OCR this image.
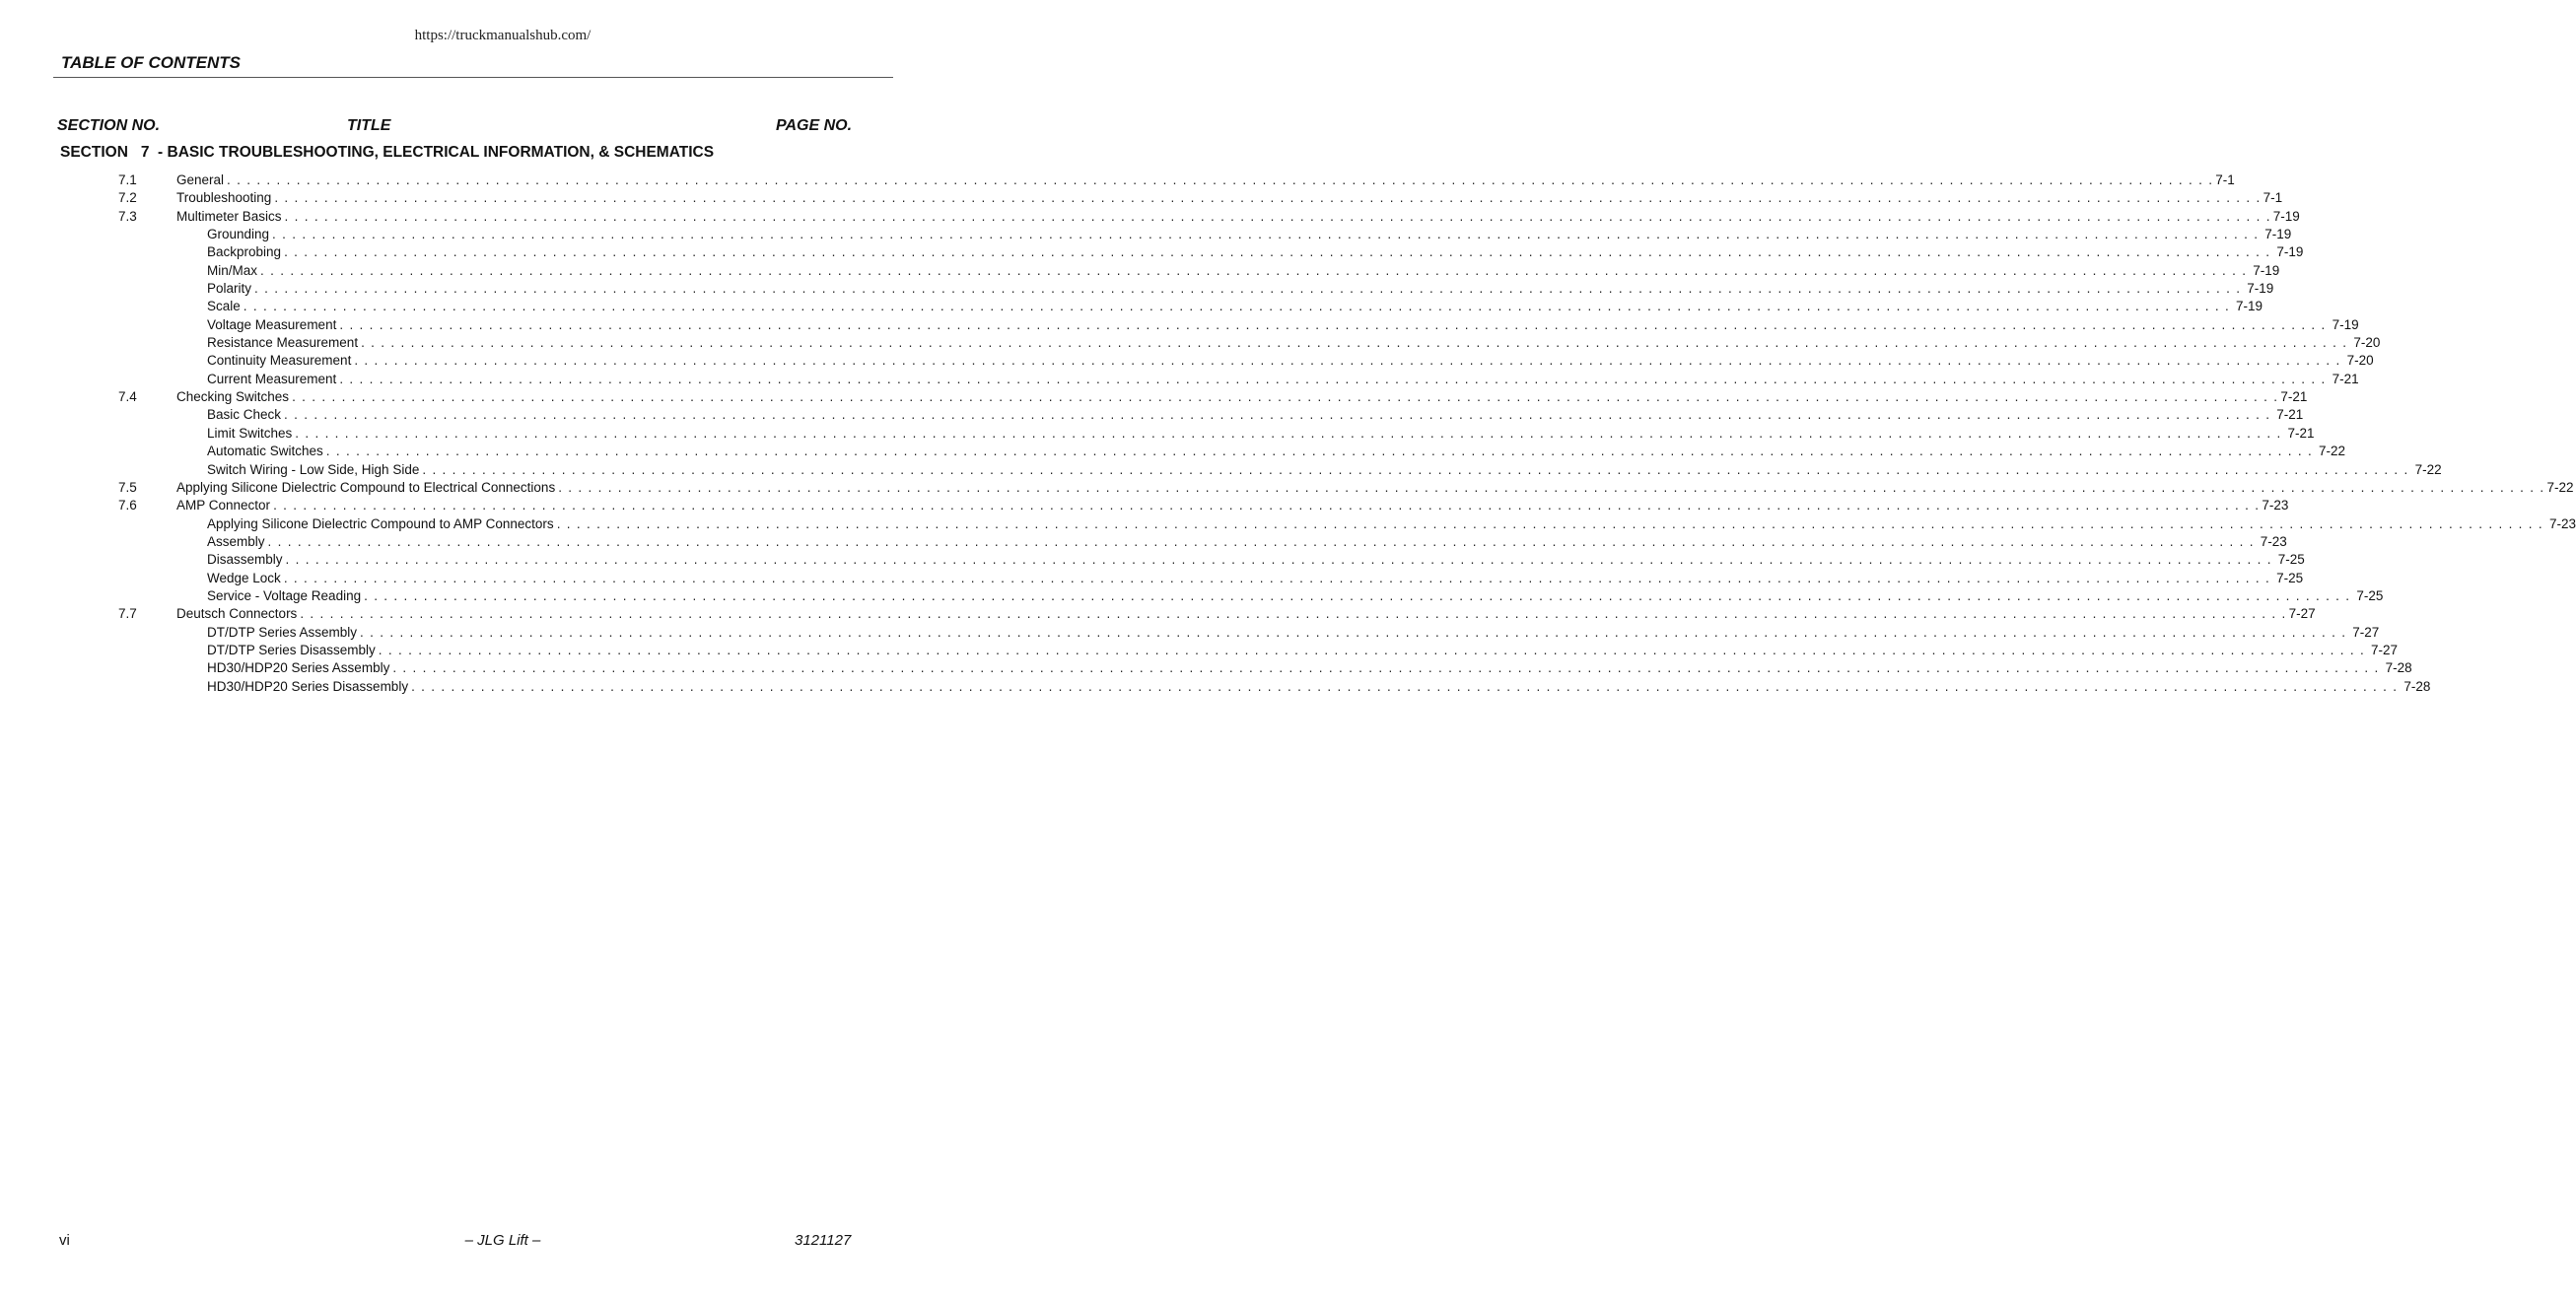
https://truckmanualshub.com/
TABLE OF CONTENTS
SECTION NO.	TITLE	PAGE NO.
SECTION   7  - BASIC TROUBLESHOOTING, ELECTRICAL INFORMATION, & SCHEMATICS
7.1	General . . . . . . . . . . . . . . . . . . . . . . . . . . . . . . . . . . . . . . . . . . . . . . . . . . . . . . . . . . . . . . . . . . . . . . . . . . . . . . . . . . . . . . . . . . . . . . . . . . . . . . . . . . . . . . . . . . . . . . . . . . . . . . . . . . . . . . . . . . . . . . . . . . . . . . . . . . . . . . . . . . . . . . . . . . . . . . . . . . . . . . . . . . . . . . . . . . . . . . . . 7-1
7.2	Troubleshooting . . . . . . . . . . . . . . . . . . . . . . . . . . . . . . . . . . . . . . . . . . . . . . . . . . . . . . . . . . . . . . . . . . . . . . . . . . . . . . . . . . . . . . . . . . . . . . . . . . . . . . . . . . . . . . . . . . . . . . . . . . . . . . . . . . . . . . . . . . . . . . . . . . . . . . . . . . . . . . . . . . . . . . . . . . . . . . . . . . . . . . . . . . . . . . . . . . . . . . . . 7-1
7.3	Multimeter Basics . . . . . . . . . . . . . . . . . . . . . . . . . . . . . . . . . . . . . . . . . . . . . . . . . . . . . . . . . . . . . . . . . . . . . . . . . . . . . . . . . . . . . . . . . . . . . . . . . . . . . . . . . . . . . . . . . . . . . . . . . . . . . . . . . . . . . . . . . . . . . . . . . . . . . . . . . . . . . . . . . . . . . . . . . . . . . . . . . . . . . . . . . . . . . . . . . . . . . . . . 7-19
Grounding . . . . . . . . . . . . . . . . . . . . . . . . . . . . . . . . . . . . . . . . . . . . . . . . . . . . . . . . . . . . . . . . . . . . . . . . . . . . . . . . . . . . . . . . . . . . . . . . . . . . . . . . . . . . . . . . . . . . . . . . . . . . . . . . . . . . . . . . . . . . . . . . . . . . . . . . . . . . . . . . . . . . . . . . . . . . . . . . . . . . . . . . . . . . . . . . . . . . . . . . 7-19
Backprobing . . . . . . . . . . . . . . . . . . . . . . . . . . . . . . . . . . . . . . . . . . . . . . . . . . . . . . . . . . . . . . . . . . . . . . . . . . . . . . . . . . . . . . . . . . . . . . . . . . . . . . . . . . . . . . . . . . . . . . . . . . . . . . . . . . . . . . . . . . . . . . . . . . . . . . . . . . . . . . . . . . . . . . . . . . . . . . . . . . . . . . . . . . . . . . . . . . . . . . . . 7-19
Min/Max . . . . . . . . . . . . . . . . . . . . . . . . . . . . . . . . . . . . . . . . . . . . . . . . . . . . . . . . . . . . . . . . . . . . . . . . . . . . . . . . . . . . . . . . . . . . . . . . . . . . . . . . . . . . . . . . . . . . . . . . . . . . . . . . . . . . . . . . . . . . . . . . . . . . . . . . . . . . . . . . . . . . . . . . . . . . . . . . . . . . . . . . . . . . . . . . . . . . . . . . 7-19
Polarity . . . . . . . . . . . . . . . . . . . . . . . . . . . . . . . . . . . . . . . . . . . . . . . . . . . . . . . . . . . . . . . . . . . . . . . . . . . . . . . . . . . . . . . . . . . . . . . . . . . . . . . . . . . . . . . . . . . . . . . . . . . . . . . . . . . . . . . . . . . . . . . . . . . . . . . . . . . . . . . . . . . . . . . . . . . . . . . . . . . . . . . . . . . . . . . . . . . . . . . . 7-19
Scale . . . . . . . . . . . . . . . . . . . . . . . . . . . . . . . . . . . . . . . . . . . . . . . . . . . . . . . . . . . . . . . . . . . . . . . . . . . . . . . . . . . . . . . . . . . . . . . . . . . . . . . . . . . . . . . . . . . . . . . . . . . . . . . . . . . . . . . . . . . . . . . . . . . . . . . . . . . . . . . . . . . . . . . . . . . . . . . . . . . . . . . . . . . . . . . . . . . . . . . . 7-19
Voltage Measurement . . . . . . . . . . . . . . . . . . . . . . . . . . . . . . . . . . . . . . . . . . . . . . . . . . . . . . . . . . . . . . . . . . . . . . . . . . . . . . . . . . . . . . . . . . . . . . . . . . . . . . . . . . . . . . . . . . . . . . . . . . . . . . . . . . . . . . . . . . . . . . . . . . . . . . . . . . . . . . . . . . . . . . . . . . . . . . . . . . . . . . . . . . . . . . . . . . . . . . . . 7-19
Resistance Measurement . . . . . . . . . . . . . . . . . . . . . . . . . . . . . . . . . . . . . . . . . . . . . . . . . . . . . . . . . . . . . . . . . . . . . . . . . . . . . . . . . . . . . . . . . . . . . . . . . . . . . . . . . . . . . . . . . . . . . . . . . . . . . . . . . . . . . . . . . . . . . . . . . . . . . . . . . . . . . . . . . . . . . . . . . . . . . . . . . . . . . . . . . . . . . . . . . . . . . . . . 7-20
Continuity Measurement . . . . . . . . . . . . . . . . . . . . . . . . . . . . . . . . . . . . . . . . . . . . . . . . . . . . . . . . . . . . . . . . . . . . . . . . . . . . . . . . . . . . . . . . . . . . . . . . . . . . . . . . . . . . . . . . . . . . . . . . . . . . . . . . . . . . . . . . . . . . . . . . . . . . . . . . . . . . . . . . . . . . . . . . . . . . . . . . . . . . . . . . . . . . . . . . . . . . . . . . 7-20
Current Measurement . . . . . . . . . . . . . . . . . . . . . . . . . . . . . . . . . . . . . . . . . . . . . . . . . . . . . . . . . . . . . . . . . . . . . . . . . . . . . . . . . . . . . . . . . . . . . . . . . . . . . . . . . . . . . . . . . . . . . . . . . . . . . . . . . . . . . . . . . . . . . . . . . . . . . . . . . . . . . . . . . . . . . . . . . . . . . . . . . . . . . . . . . . . . . . . . . . . . . . . . 7-21
7.4	Checking Switches . . . . . . . . . . . . . . . . . . . . . . . . . . . . . . . . . . . . . . . . . . . . . . . . . . . . . . . . . . . . . . . . . . . . . . . . . . . . . . . . . . . . . . . . . . . . . . . . . . . . . . . . . . . . . . . . . . . . . . . . . . . . . . . . . . . . . . . . . . . . . . . . . . . . . . . . . . . . . . . . . . . . . . . . . . . . . . . . . . . . . . . . . . . . . . . . . . . . . . . . 7-21
Basic Check . . . . . . . . . . . . . . . . . . . . . . . . . . . . . . . . . . . . . . . . . . . . . . . . . . . . . . . . . . . . . . . . . . . . . . . . . . . . . . . . . . . . . . . . . . . . . . . . . . . . . . . . . . . . . . . . . . . . . . . . . . . . . . . . . . . . . . . . . . . . . . . . . . . . . . . . . . . . . . . . . . . . . . . . . . . . . . . . . . . . . . . . . . . . . . . . . . . . . . . . 7-21
Limit Switches . . . . . . . . . . . . . . . . . . . . . . . . . . . . . . . . . . . . . . . . . . . . . . . . . . . . . . . . . . . . . . . . . . . . . . . . . . . . . . . . . . . . . . . . . . . . . . . . . . . . . . . . . . . . . . . . . . . . . . . . . . . . . . . . . . . . . . . . . . . . . . . . . . . . . . . . . . . . . . . . . . . . . . . . . . . . . . . . . . . . . . . . . . . . . . . . . . . . . . . . 7-21
Automatic Switches . . . . . . . . . . . . . . . . . . . . . . . . . . . . . . . . . . . . . . . . . . . . . . . . . . . . . . . . . . . . . . . . . . . . . . . . . . . . . . . . . . . . . . . . . . . . . . . . . . . . . . . . . . . . . . . . . . . . . . . . . . . . . . . . . . . . . . . . . . . . . . . . . . . . . . . . . . . . . . . . . . . . . . . . . . . . . . . . . . . . . . . . . . . . . . . . . . . . . . . . 7-22
Switch Wiring - Low Side, High Side . . . . . . . . . . . . . . . . . . . . . . . . . . . . . . . . . . . . . . . . . . . . . . . . . . . . . . . . . . . . . . . . . . . . . . . . . . . . . . . . . . . . . . . . . . . . . . . . . . . . . . . . . . . . . . . . . . . . . . . . . . . . . . . . . . . . . . . . . . . . . . . . . . . . . . . . . . . . . . . . . . . . . . . . . . . . . . . . . . . . . . . . . . . . . . . . . . . . . . . . 7-22
7.5	Applying Silicone Dielectric Compound to Electrical Connections . . . . . . . . . . . . . . . . . . . . . . . . . . . . . . . . . . . . . . . . . . . . . . . . . . . . . . . . . . . . . . . . . . . . . . . . . . . . . . . . . . . . . . . . . . . . . . . . . . . . . . . . . . . . . . . . . . . . . . . . . . . . . . . . . . . . . . . . . . . . . . . . . . . . . . . . . . . . . . . . . . . . . . . . . . . . . . . . . . . . . . . . . . . . . . . . . . . . . . . . 7-22
7.6	AMP Connector . . . . . . . . . . . . . . . . . . . . . . . . . . . . . . . . . . . . . . . . . . . . . . . . . . . . . . . . . . . . . . . . . . . . . . . . . . . . . . . . . . . . . . . . . . . . . . . . . . . . . . . . . . . . . . . . . . . . . . . . . . . . . . . . . . . . . . . . . . . . . . . . . . . . . . . . . . . . . . . . . . . . . . . . . . . . . . . . . . . . . . . . . . . . . . . . . . . . . . . . 7-23
Applying Silicone Dielectric Compound to AMP Connectors . . . . . . . . . . . . . . . . . . . . . . . . . . . . . . . . . . . . . . . . . . . . . . . . . . . . . . . . . . . . . . . . . . . . . . . . . . . . . . . . . . . . . . . . . . . . . . . . . . . . . . . . . . . . . . . . . . . . . . . . . . . . . . . . . . . . . . . . . . . . . . . . . . . . . . . . . . . . . . . . . . . . . . . . . . . . . . . . . . . . . . . . . . . . . . . . . . . . . . . . 7-23
Assembly . . . . . . . . . . . . . . . . . . . . . . . . . . . . . . . . . . . . . . . . . . . . . . . . . . . . . . . . . . . . . . . . . . . . . . . . . . . . . . . . . . . . . . . . . . . . . . . . . . . . . . . . . . . . . . . . . . . . . . . . . . . . . . . . . . . . . . . . . . . . . . . . . . . . . . . . . . . . . . . . . . . . . . . . . . . . . . . . . . . . . . . . . . . . . . . . . . . . . . . . 7-23
Disassembly . . . . . . . . . . . . . . . . . . . . . . . . . . . . . . . . . . . . . . . . . . . . . . . . . . . . . . . . . . . . . . . . . . . . . . . . . . . . . . . . . . . . . . . . . . . . . . . . . . . . . . . . . . . . . . . . . . . . . . . . . . . . . . . . . . . . . . . . . . . . . . . . . . . . . . . . . . . . . . . . . . . . . . . . . . . . . . . . . . . . . . . . . . . . . . . . . . . . . . . . 7-25
Wedge Lock . . . . . . . . . . . . . . . . . . . . . . . . . . . . . . . . . . . . . . . . . . . . . . . . . . . . . . . . . . . . . . . . . . . . . . . . . . . . . . . . . . . . . . . . . . . . . . . . . . . . . . . . . . . . . . . . . . . . . . . . . . . . . . . . . . . . . . . . . . . . . . . . . . . . . . . . . . . . . . . . . . . . . . . . . . . . . . . . . . . . . . . . . . . . . . . . . . . . . . . . 7-25
Service - Voltage Reading . . . . . . . . . . . . . . . . . . . . . . . . . . . . . . . . . . . . . . . . . . . . . . . . . . . . . . . . . . . . . . . . . . . . . . . . . . . . . . . . . . . . . . . . . . . . . . . . . . . . . . . . . . . . . . . . . . . . . . . . . . . . . . . . . . . . . . . . . . . . . . . . . . . . . . . . . . . . . . . . . . . . . . . . . . . . . . . . . . . . . . . . . . . . . . . . . . . . . . . . 7-25
7.7	Deutsch Connectors . . . . . . . . . . . . . . . . . . . . . . . . . . . . . . . . . . . . . . . . . . . . . . . . . . . . . . . . . . . . . . . . . . . . . . . . . . . . . . . . . . . . . . . . . . . . . . . . . . . . . . . . . . . . . . . . . . . . . . . . . . . . . . . . . . . . . . . . . . . . . . . . . . . . . . . . . . . . . . . . . . . . . . . . . . . . . . . . . . . . . . . . . . . . . . . . . . . . . . . . 7-27
DT/DTP Series Assembly . . . . . . . . . . . . . . . . . . . . . . . . . . . . . . . . . . . . . . . . . . . . . . . . . . . . . . . . . . . . . . . . . . . . . . . . . . . . . . . . . . . . . . . . . . . . . . . . . . . . . . . . . . . . . . . . . . . . . . . . . . . . . . . . . . . . . . . . . . . . . . . . . . . . . . . . . . . . . . . . . . . . . . . . . . . . . . . . . . . . . . . . . . . . . . . . . . . . . . . . 7-27
DT/DTP Series Disassembly . . . . . . . . . . . . . . . . . . . . . . . . . . . . . . . . . . . . . . . . . . . . . . . . . . . . . . . . . . . . . . . . . . . . . . . . . . . . . . . . . . . . . . . . . . . . . . . . . . . . . . . . . . . . . . . . . . . . . . . . . . . . . . . . . . . . . . . . . . . . . . . . . . . . . . . . . . . . . . . . . . . . . . . . . . . . . . . . . . . . . . . . . . . . . . . . . . . . . . . . 7-27
HD30/HDP20 Series Assembly . . . . . . . . . . . . . . . . . . . . . . . . . . . . . . . . . . . . . . . . . . . . . . . . . . . . . . . . . . . . . . . . . . . . . . . . . . . . . . . . . . . . . . . . . . . . . . . . . . . . . . . . . . . . . . . . . . . . . . . . . . . . . . . . . . . . . . . . . . . . . . . . . . . . . . . . . . . . . . . . . . . . . . . . . . . . . . . . . . . . . . . . . . . . . . . . . . . . . . . . 7-28
HD30/HDP20 Series Disassembly . . . . . . . . . . . . . . . . . . . . . . . . . . . . . . . . . . . . . . . . . . . . . . . . . . . . . . . . . . . . . . . . . . . . . . . . . . . . . . . . . . . . . . . . . . . . . . . . . . . . . . . . . . . . . . . . . . . . . . . . . . . . . . . . . . . . . . . . . . . . . . . . . . . . . . . . . . . . . . . . . . . . . . . . . . . . . . . . . . . . . . . . . . . . . . . . . . . . . . . . 7-28
vi	– JLG Lift –	3121127
